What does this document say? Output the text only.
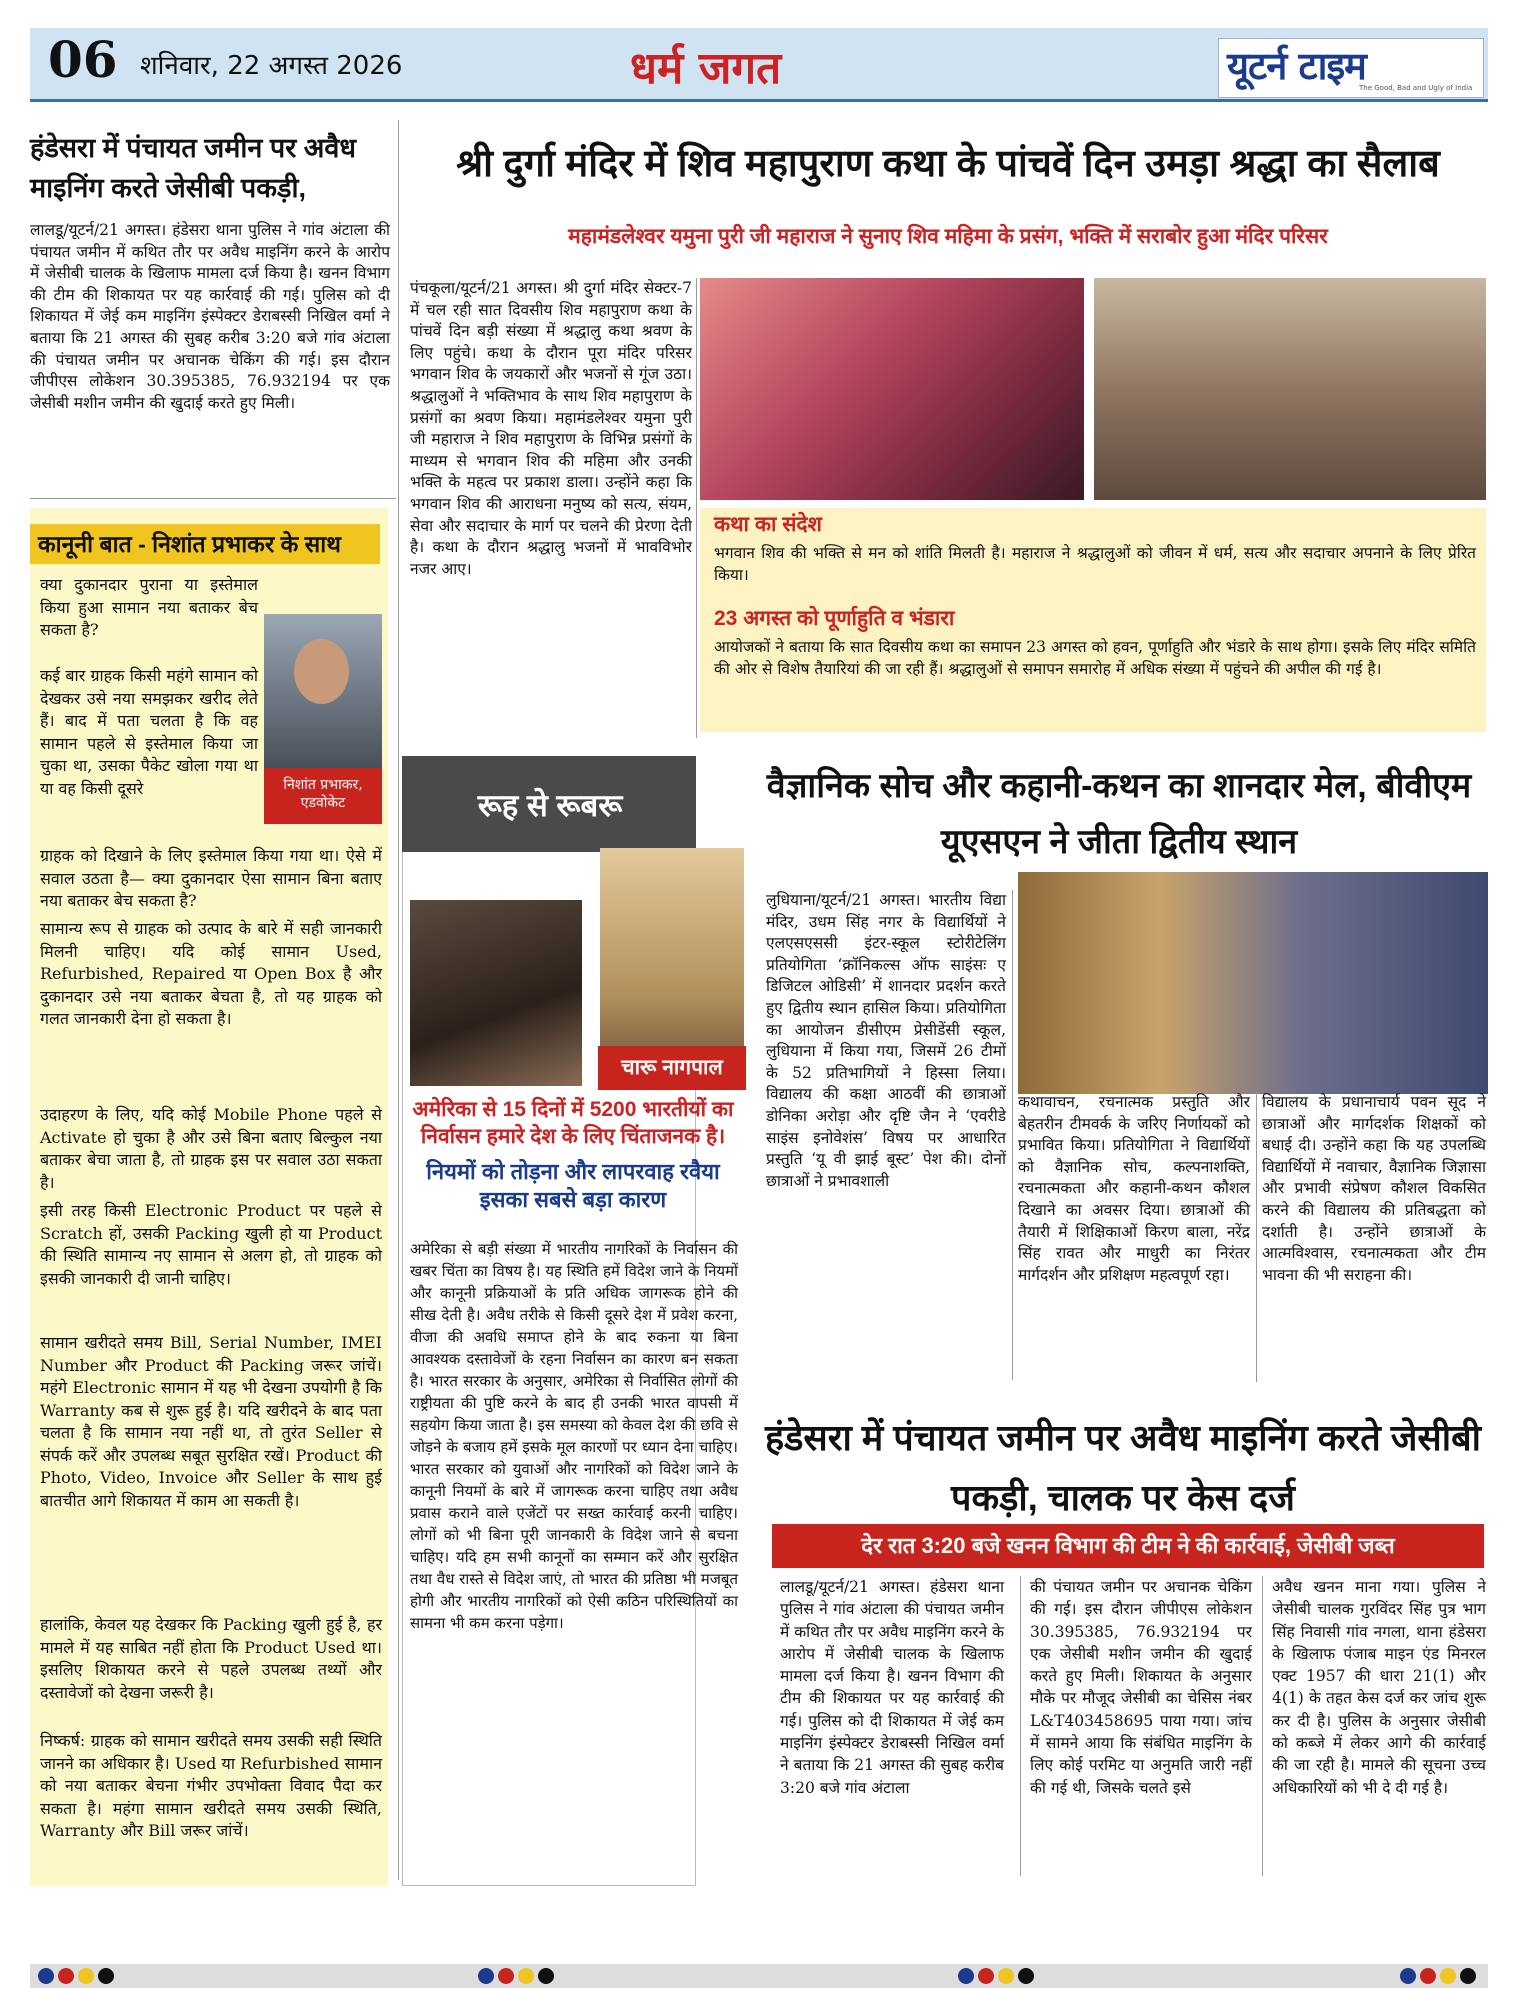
06 शनिवार, 22 अगस्त 2026	धर्म जगत	यूटर्न टाइम
The Good, Bad and Ugly of India
हंडेसरा में पंचायत जमीन पर अवैध माइनिंग करते जेसीबी पकड़ी,

लालडू/यूटर्न/21 अगस्त। हंडेसरा थाना पुलिस ने गांव अंटाला की पंचायत जमीन में कथित तौर पर अवैध माइनिंग करने के आरोप में जेसीबी चालक के खिलाफ मामला दर्ज किया है। खनन विभाग की टीम की शिकायत पर यह कार्रवाई की गई। पुलिस को दी शिकायत में जेई कम माइनिंग इंस्पेक्टर डेराबस्सी निखिल वर्मा ने बताया कि 21 अगस्त की सुबह करीब 3:20 बजे गांव अंटाला की पंचायत जमीन पर अचानक चेकिंग की गई। इस दौरान जीपीएस लोकेशन 30.395385, 76.932194 पर एक जेसीबी मशीन जमीन की खुदाई करते हुए मिली।

कानूनी बात - निशांत प्रभाकर के साथ
निशांत प्रभाकर, एडवोकेट

क्या दुकानदार पुराना या इस्तेमाल किया हुआ सामान नया बताकर बेच सकता है?

कई बार ग्राहक किसी महंगे सामान को देखकर उसे नया समझकर खरीद लेते हैं। बाद में पता चलता है कि वह सामान पहले से इस्तेमाल किया जा चुका था, उसका पैकेट खोला गया था या वह किसी दूसरे

ग्राहक को दिखाने के लिए इस्तेमाल किया गया था। ऐसे में सवाल उठता है— क्या दुकानदार ऐसा सामान बिना बताए नया बताकर बेच सकता है?

सामान्य रूप से ग्राहक को उत्पाद के बारे में सही जानकारी मिलनी चाहिए। यदि कोई सामान Used, Refurbished, Repaired या Open Box है और दुकानदार उसे नया बताकर बेचता है, तो यह ग्राहक को गलत जानकारी देना हो सकता है।

उदाहरण के लिए, यदि कोई Mobile Phone पहले से Activate हो चुका है और उसे बिना बताए बिल्कुल नया बताकर बेचा जाता है, तो ग्राहक इस पर सवाल उठा सकता है।

इसी तरह किसी Electronic Product पर पहले से Scratch हों, उसकी Packing खुली हो या Product की स्थिति सामान्य नए सामान से अलग हो, तो ग्राहक को इसकी जानकारी दी जानी चाहिए।

सामान खरीदते समय Bill, Serial Number, IMEI Number और Product की Packing जरूर जांचें। महंगे Electronic सामान में यह भी देखना उपयोगी है कि Warranty कब से शुरू हुई है। यदि खरीदने के बाद पता चलता है कि सामान नया नहीं था, तो तुरंत Seller से संपर्क करें और उपलब्ध सबूत सुरक्षित रखें। Product की Photo, Video, Invoice और Seller के साथ हुई बातचीत आगे शिकायत में काम आ सकती है।

हालांकि, केवल यह देखकर कि Packing खुली हुई है, हर मामले में यह साबित नहीं होता कि Product Used था। इसलिए शिकायत करने से पहले उपलब्ध तथ्यों और दस्तावेजों को देखना जरूरी है।

निष्कर्ष: ग्राहक को सामान खरीदते समय उसकी सही स्थिति जानने का अधिकार है। Used या Refurbished सामान को नया बताकर बेचना गंभीर उपभोक्ता विवाद पैदा कर सकता है। महंगा सामान खरीदते समय उसकी स्थिति, Warranty और Bill जरूर जांचें।

श्री दुर्गा मंदिर में शिव महापुराण कथा के पांचवें दिन उमड़ा श्रद्धा का सैलाब
महामंडलेश्वर यमुना पुरी जी महाराज ने सुनाए शिव महिमा के प्रसंग, भक्ति में सराबोर हुआ मंदिर परिसर

पंचकूला/यूटर्न/21 अगस्त। श्री दुर्गा मंदिर सेक्टर-7 में चल रही सात दिवसीय शिव महापुराण कथा के पांचवें दिन बड़ी संख्या में श्रद्धालु कथा श्रवण के लिए पहुंचे। कथा के दौरान पूरा मंदिर परिसर भगवान शिव के जयकारों और भजनों से गूंज उठा। श्रद्धालुओं ने भक्तिभाव के साथ शिव महापुराण के प्रसंगों का श्रवण किया। महामंडलेश्वर यमुना पुरी जी महाराज ने शिव महापुराण के विभिन्न प्रसंगों के माध्यम से भगवान शिव की महिमा और उनकी भक्ति के महत्व पर प्रकाश डाला। उन्होंने कहा कि भगवान शिव की आराधना मनुष्य को सत्य, संयम, सेवा और सदाचार के मार्ग पर चलने की प्रेरणा देती है। कथा के दौरान श्रद्धालु भजनों में भावविभोर नजर आए।

कथा का संदेश

भगवान शिव की भक्ति से मन को शांति मिलती है। महाराज ने श्रद्धालुओं को जीवन में धर्म, सत्य और सदाचार अपनाने के लिए प्रेरित किया।

23 अगस्त को पूर्णाहुति व भंडारा

आयोजकों ने बताया कि सात दिवसीय कथा का समापन 23 अगस्त को हवन, पूर्णाहुति और भंडारे के साथ होगा। इसके लिए मंदिर समिति की ओर से विशेष तैयारियां की जा रही हैं। श्रद्धालुओं से समापन समारोह में अधिक संख्या में पहुंचने की अपील की गई है।

रूह से रूबरू
चारू नागपाल
अमेरिका से 15 दिनों में 5200 भारतीयों का निर्वासन हमारे देश के लिए चिंताजनक है।
नियमों को तोड़ना और लापरवाह रवैया इसका सबसे बड़ा कारण

अमेरिका से बड़ी संख्या में भारतीय नागरिकों के निर्वासन की खबर चिंता का विषय है। यह स्थिति हमें विदेश जाने के नियमों और कानूनी प्रक्रियाओं के प्रति अधिक जागरूक होने की सीख देती है। अवैध तरीके से किसी दूसरे देश में प्रवेश करना, वीजा की अवधि समाप्त होने के बाद रुकना या बिना आवश्यक दस्तावेजों के रहना निर्वासन का कारण बन सकता है। भारत सरकार के अनुसार, अमेरिका से निर्वासित लोगों की राष्ट्रीयता की पुष्टि करने के बाद ही उनकी भारत वापसी में सहयोग किया जाता है। इस समस्या को केवल देश की छवि से जोड़ने के बजाय हमें इसके मूल कारणों पर ध्यान देना चाहिए। भारत सरकार को युवाओं और नागरिकों को विदेश जाने के कानूनी नियमों के बारे में जागरूक करना चाहिए तथा अवैध प्रवास कराने वाले एजेंटों पर सख्त कार्रवाई करनी चाहिए। लोगों को भी बिना पूरी जानकारी के विदेश जाने से बचना चाहिए। यदि हम सभी कानूनों का सम्मान करें और सुरक्षित तथा वैध रास्ते से विदेश जाएं, तो भारत की प्रतिष्ठा भी मजबूत होगी और भारतीय नागरिकों को ऐसी कठिन परिस्थितियों का सामना भी कम करना पड़ेगा।

वैज्ञानिक सोच और कहानी-कथन का शानदार मेल, बीवीएम यूएसएन ने जीता द्वितीय स्थान

लुधियाना/यूटर्न/21 अगस्त। भारतीय विद्या मंदिर, उधम सिंह नगर के विद्यार्थियों ने एलएसएससी इंटर-स्कूल स्टोरीटेलिंग प्रतियोगिता ‘क्रॉनिकल्स ऑफ साइंसः ए डिजिटल ओडिसी’ में शानदार प्रदर्शन करते हुए द्वितीय स्थान हासिल किया। प्रतियोगिता का आयोजन डीसीएम प्रेसीडेंसी स्कूल, लुधियाना में किया गया, जिसमें 26 टीमों के 52 प्रतिभागियों ने हिस्सा लिया। विद्यालय की कक्षा आठवीं की छात्राओं डोनिका अरोड़ा और दृष्टि जैन ने ‘एवरीडे साइंस इनोवेशंस’ विषय पर आधारित प्रस्तुति ‘यू वी झाई बूस्ट’ पेश की। दोनों छात्राओं ने प्रभावशाली

कथावाचन, रचनात्मक प्रस्तुति और बेहतरीन टीमवर्क के जरिए निर्णायकों को प्रभावित किया। प्रतियोगिता ने विद्यार्थियों को वैज्ञानिक सोच, कल्पनाशक्ति, रचनात्मकता और कहानी-कथन कौशल दिखाने का अवसर दिया। छात्राओं की तैयारी में शिक्षिकाओं किरण बाला, नरेंद्र सिंह रावत और माधुरी का निरंतर मार्गदर्शन और प्रशिक्षण महत्वपूर्ण रहा।

विद्यालय के प्रधानाचार्य पवन सूद ने छात्राओं और मार्गदर्शक शिक्षकों को बधाई दी। उन्होंने कहा कि यह उपलब्धि विद्यार्थियों में नवाचार, वैज्ञानिक जिज्ञासा और प्रभावी संप्रेषण कौशल विकसित करने की विद्यालय की प्रतिबद्धता को दर्शाती है। उन्होंने छात्राओं के आत्मविश्वास, रचनात्मकता और टीम भावना की भी सराहना की।

हंडेसरा में पंचायत जमीन पर अवैध माइनिंग करते जेसीबी पकड़ी, चालक पर केस दर्ज
देर रात 3:20 बजे खनन विभाग की टीम ने की कार्रवाई, जेसीबी जब्त

लालडू/यूटर्न/21 अगस्त। हंडेसरा थाना पुलिस ने गांव अंटाला की पंचायत जमीन में कथित तौर पर अवैध माइनिंग करने के आरोप में जेसीबी चालक के खिलाफ मामला दर्ज किया है। खनन विभाग की टीम की शिकायत पर यह कार्रवाई की गई। पुलिस को दी शिकायत में जेई कम माइनिंग इंस्पेक्टर डेराबस्सी निखिल वर्मा ने बताया कि 21 अगस्त की सुबह करीब 3:20 बजे गांव अंटाला

की पंचायत जमीन पर अचानक चेकिंग की गई। इस दौरान जीपीएस लोकेशन 30.395385, 76.932194 पर एक जेसीबी मशीन जमीन की खुदाई करते हुए मिली। शिकायत के अनुसार मौके पर मौजूद जेसीबी का चेसिस नंबर L&T403458695 पाया गया। जांच में सामने आया कि संबंधित माइनिंग के लिए कोई परमिट या अनुमति जारी नहीं की गई थी, जिसके चलते इसे

अवैध खनन माना गया। पुलिस ने जेसीबी चालक गुरविंदर सिंह पुत्र भाग सिंह निवासी गांव नगला, थाना हंडेसरा के खिलाफ पंजाब माइन एंड मिनरल एक्ट 1957 की धारा 21(1) और 4(1) के तहत केस दर्ज कर जांच शुरू कर दी है। पुलिस के अनुसार जेसीबी को कब्जे में लेकर आगे की कार्रवाई की जा रही है। मामले की सूचना उच्च अधिकारियों को भी दे दी गई है।
